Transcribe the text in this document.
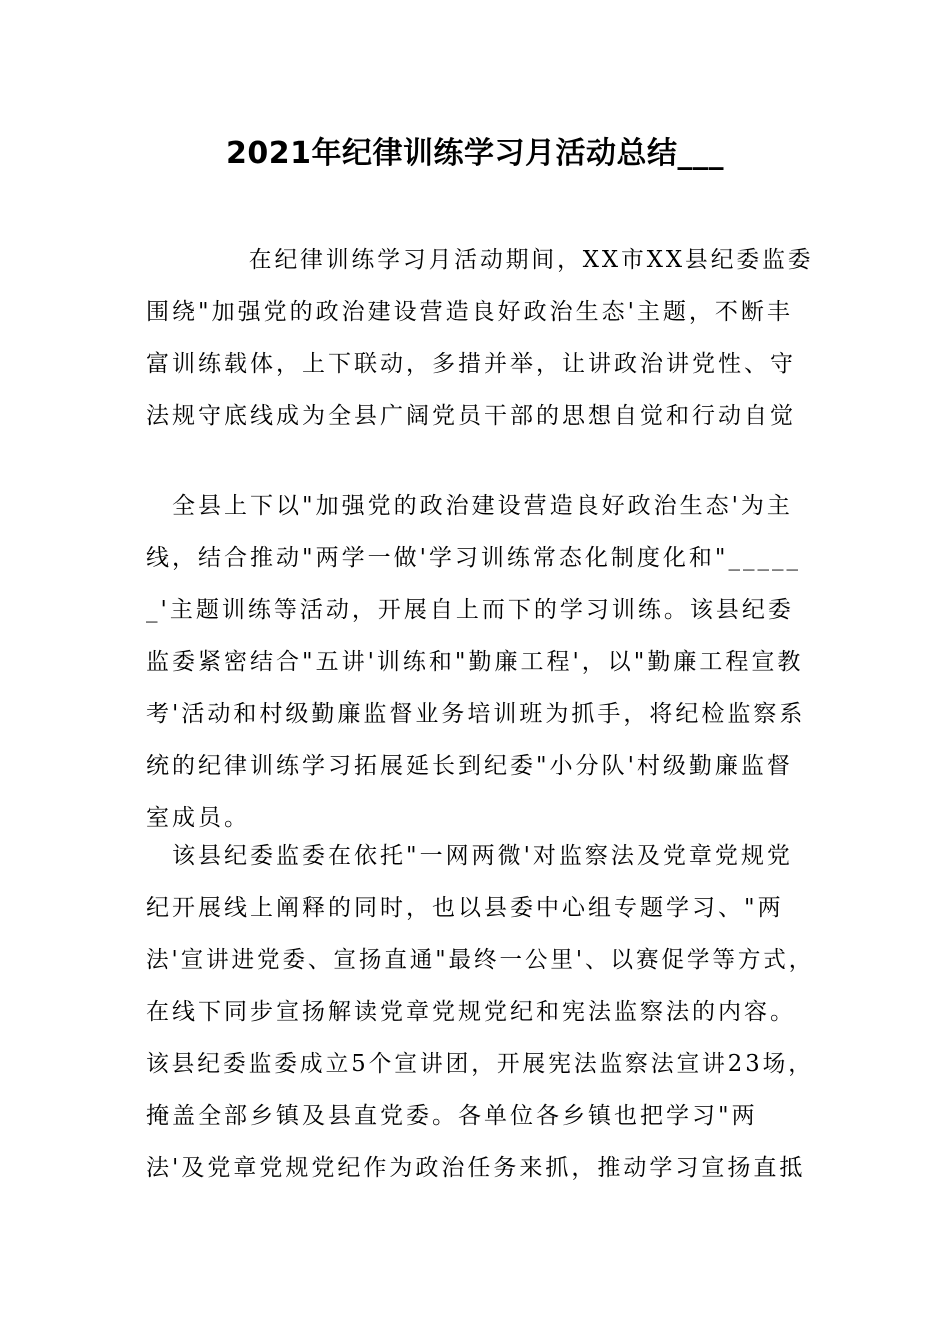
2021年纪律训练学习月活动总结___
　　　　在纪律训练学习月活动期间，XX市XX县纪委监委
围绕"加强党的政治建设营造良好政治生态'主题，不断丰
富训练载体，上下联动，多措并举，让讲政治讲党性、守
法规守底线成为全县广阔党员干部的思想自觉和行动自觉
　全县上下以"加强党的政治建设营造良好政治生态'为主
线，结合推动"两学一做'学习训练常态化制度化和"_____
_'主题训练等活动，开展自上而下的学习训练。该县纪委
监委紧密结合"五讲'训练和"勤廉工程'，以"勤廉工程宣教
考'活动和村级勤廉监督业务培训班为抓手，将纪检监察系
统的纪律训练学习拓展延长到纪委"小分队'村级勤廉监督
室成员。
　该县纪委监委在依托"一网两微'对监察法及党章党规党
纪开展线上阐释的同时，也以县委中心组专题学习、"两
法'宣讲进党委、宣扬直通"最终一公里'、以赛促学等方式，
在线下同步宣扬解读党章党规党纪和宪法监察法的内容。
该县纪委监委成立5个宣讲团，开展宪法监察法宣讲23场，
掩盖全部乡镇及县直党委。各单位各乡镇也把学习"两
法'及党章党规党纪作为政治任务来抓，推动学习宣扬直抵
